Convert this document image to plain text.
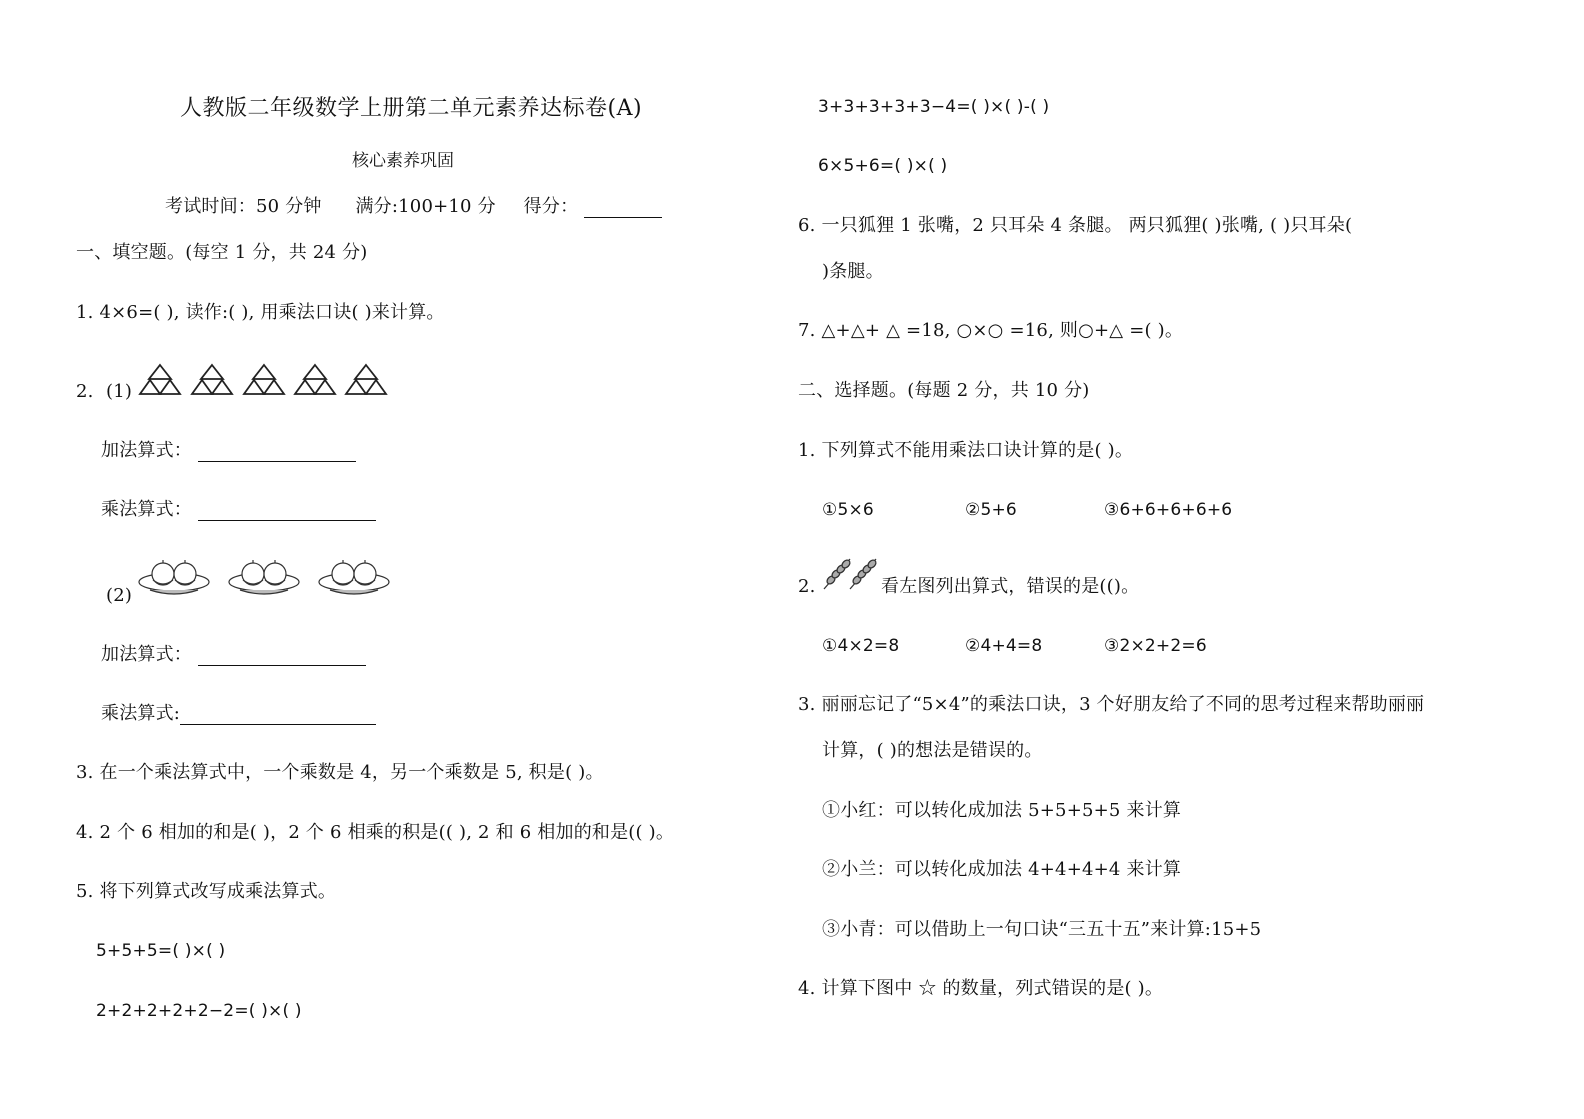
人教版二年级数学上册第二单元素养达标卷(A)
核心素养巩固
考试时间：50 分钟 满分:100+10 分 得分：
一、填空题。(每空 1 分，共 24 分)
1. 4×6=( ), 读作:( ), 用乘法口诀( )来计算。
2. (1)
加法算式：
乘法算式：
(2)
加法算式：
乘法算式:
3. 在一个乘法算式中，一个乘数是 4，另一个乘数是 5, 积是( )。
4. 2 个 6 相加的和是( )，2 个 6 相乘的积是(( ), 2 和 6 相加的和是(( )。
5. 将下列算式改写成乘法算式。
5+5+5=( )×( )
2+2+2+2+2−2=( )×( )
3+3+3+3+3−4=( )×( )-( )
6×5+6=( )×( )
6. 一只狐狸 1 张嘴，2 只耳朵 4 条腿。 两只狐狸( )张嘴, ( )只耳朵(
)条腿。
7. △+△+ △ =18, ○×○ =16, 则○+△ =( )。
二、选择题。(每题 2 分，共 10 分)
1. 下列算式不能用乘法口诀计算的是( )。
①5×6	②5+6	③6+6+6+6+6
2.	看左图列出算式，错误的是(()。
①4×2=8	②4+4=8	③2×2+2=6
3. 丽丽忘记了“5×4”的乘法口诀，3 个好朋友给了不同的思考过程来帮助丽丽
计算，( )的想法是错误的。
①小红：可以转化成加法 5+5+5+5 来计算
②小兰：可以转化成加法 4+4+4+4 来计算
③小青：可以借助上一句口诀“三五十五”来计算:15+5
4. 计算下图中 ☆ 的数量，列式错误的是( )。
